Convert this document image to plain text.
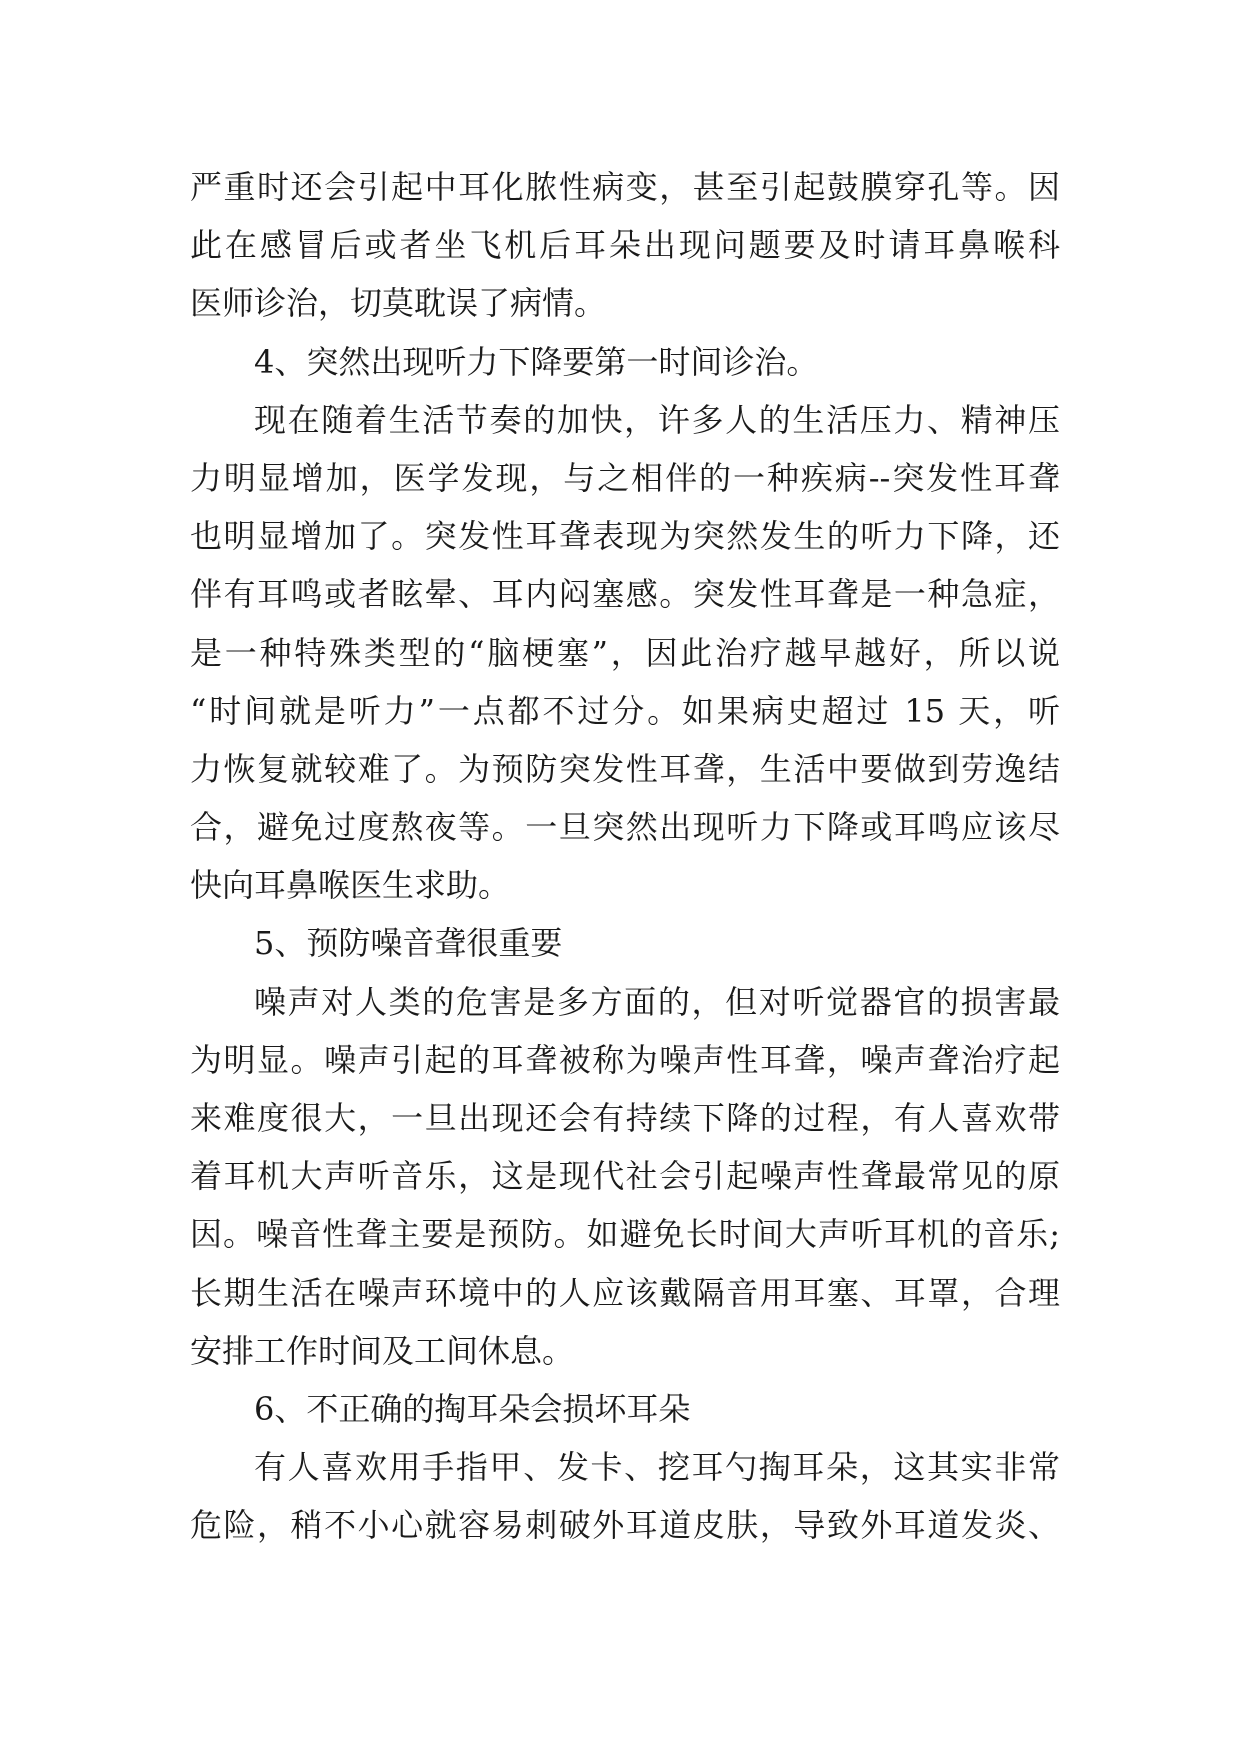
严重时还会引起中耳化脓性病变，甚至引起鼓膜穿孔等。因
此在感冒后或者坐飞机后耳朵出现问题要及时请耳鼻喉科
医师诊治，切莫耽误了病情。
4、突然出现听力下降要第一时间诊治。
现在随着生活节奏的加快，许多人的生活压力、精神压
力明显增加，医学发现，与之相伴的一种疾病--突发性耳聋
也明显增加了。突发性耳聋表现为突然发生的听力下降，还
伴有耳鸣或者眩晕、耳内闷塞感。突发性耳聋是一种急症，
是一种特殊类型的“脑梗塞”，因此治疗越早越好，所以说
“时间就是听力”一点都不过分。如果病史超过 15 天，听
力恢复就较难了。为预防突发性耳聋，生活中要做到劳逸结
合，避免过度熬夜等。一旦突然出现听力下降或耳鸣应该尽
快向耳鼻喉医生求助。
5、预防噪音聋很重要
噪声对人类的危害是多方面的，但对听觉器官的损害最
为明显。噪声引起的耳聋被称为噪声性耳聋，噪声聋治疗起
来难度很大，一旦出现还会有持续下降的过程，有人喜欢带
着耳机大声听音乐，这是现代社会引起噪声性聋最常见的原
因。噪音性聋主要是预防。如避免长时间大声听耳机的音乐;
长期生活在噪声环境中的人应该戴隔音用耳塞、耳罩，合理
安排工作时间及工间休息。
6、不正确的掏耳朵会损坏耳朵
有人喜欢用手指甲、发卡、挖耳勺掏耳朵，这其实非常
危险，稍不小心就容易刺破外耳道皮肤，导致外耳道发炎、
